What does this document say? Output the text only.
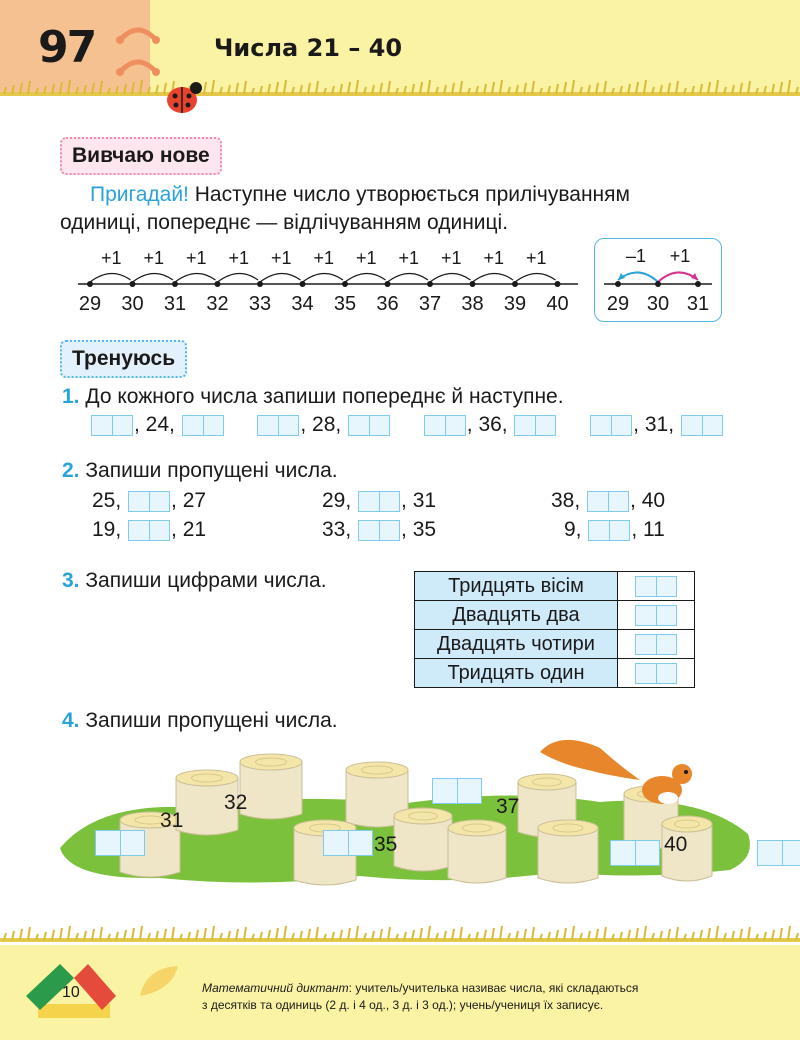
97	Числа 21 – 40
Вивчаю нове
Пригадай! Наступне число утворюється прилічуванням
одиниці, попереднє — відлічуванням одиниці.
29
+1
30
+1
31
+1
32
+1
33
+1
34
+1
35
+1
36
+1
37
+1
38
+1
39
+1
40 29 30 31
–1 +1
Тренуюсь
1. До кожного числа запиши попереднє й наступне.
, 24,	, 28,	, 36,	, 31,
2. Запиши пропущені числа.
25, , 27	29, , 31	38, , 40
19, , 21	33, , 35	9, , 11
3. Запиши цифрами числа.	Тридцять вісім	
Двадцять два	
Двадцять чотири	
Тридцять один	
4. Запиши пропущені числа.

31
32
35
37
40
10	Математичний диктант: учитель/учителька називає числа, які складаються
з десятків та одиниць (2 д. і 4 од., 3 д. і 3 од.); учень/учениця їх записує.
